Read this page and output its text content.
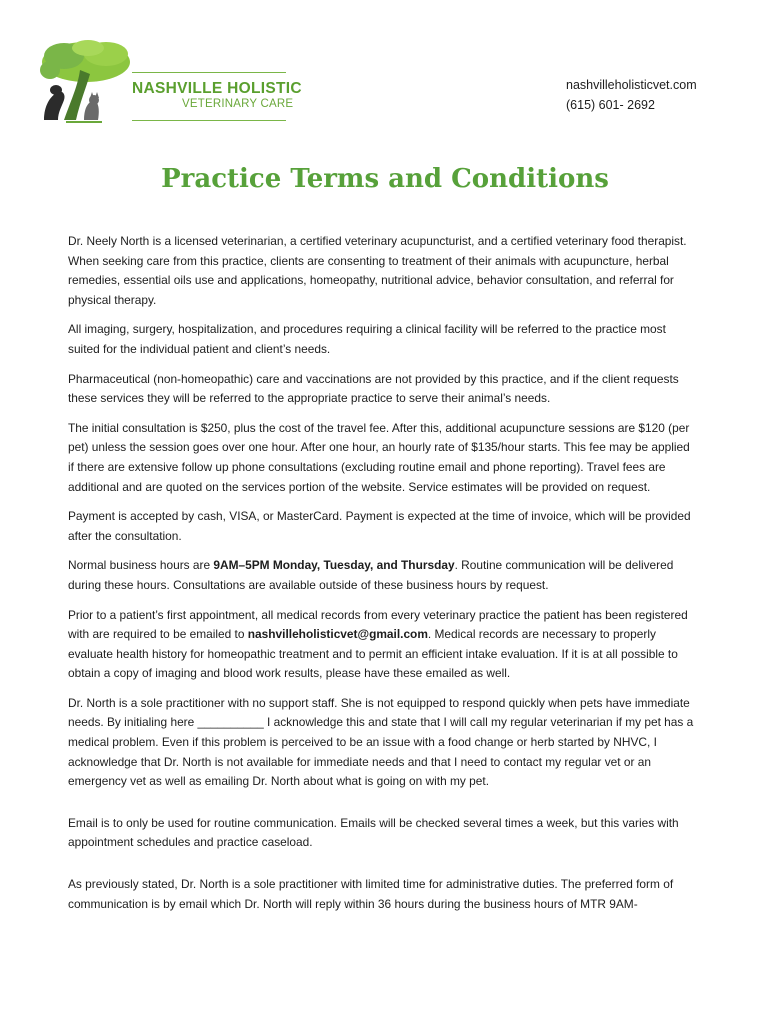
NASHVILLE HOLISTIC
VETERINARY CARE
nashvilleholisticvet.com
(615) 601- 2692
Practice Terms and Conditions

Dr. Neely North is a licensed veterinarian, a certified veterinary acupuncturist, and a certified veterinary food therapist. When seeking care from this practice, clients are consenting to treatment of their animals with acupuncture, herbal remedies, essential oils use and applications, homeopathy, nutritional advice, behavior consultation, and referral for physical therapy.

All imaging, surgery, hospitalization, and procedures requiring a clinical facility will be referred to the practice most suited for the individual patient and client’s needs.

Pharmaceutical (non-homeopathic) care and vaccinations are not provided by this practice, and if the client requests these services they will be referred to the appropriate practice to serve their animal’s needs.

The initial consultation is $250, plus the cost of the travel fee. After this, additional acupuncture sessions are $120 (per pet) unless the session goes over one hour. After one hour, an hourly rate of $135/hour starts. This fee may be applied if there are extensive follow up phone consultations (excluding routine email and phone reporting). Travel fees are additional and are quoted on the services portion of the website. Service estimates will be provided on request.

Payment is accepted by cash, VISA, or MasterCard. Payment is expected at the time of invoice, which will be provided after the consultation.

Normal business hours are 9AM–5PM Monday, Tuesday, and Thursday. Routine communication will be delivered during these hours. Consultations are available outside of these business hours by request.

Prior to a patient’s first appointment, all medical records from every veterinary practice the patient has been registered with are required to be emailed to nashvilleholisticvet@gmail.com. Medical records are necessary to properly evaluate health history for homeopathic treatment and to permit an efficient intake evaluation. If it is at all possible to obtain a copy of imaging and blood work results, please have these emailed as well.

Dr. North is a sole practitioner with no support staff. She is not equipped to respond quickly when pets have immediate needs. By initialing here __________ I acknowledge this and state that I will call my regular veterinarian if my pet has a medical problem. Even if this problem is perceived to be an issue with a food change or herb started by NHVC, I acknowledge that Dr. North is not available for immediate needs and that I need to contact my regular vet or an emergency vet as well as emailing Dr. North about what is going on with my pet.

Email is to only be used for routine communication. Emails will be checked several times a week, but this varies with appointment schedules and practice caseload.

As previously stated, Dr. North is a sole practitioner with limited time for administrative duties. The preferred form of communication is by email which Dr. North will reply within 36 hours during the business hours of MTR 9AM-
